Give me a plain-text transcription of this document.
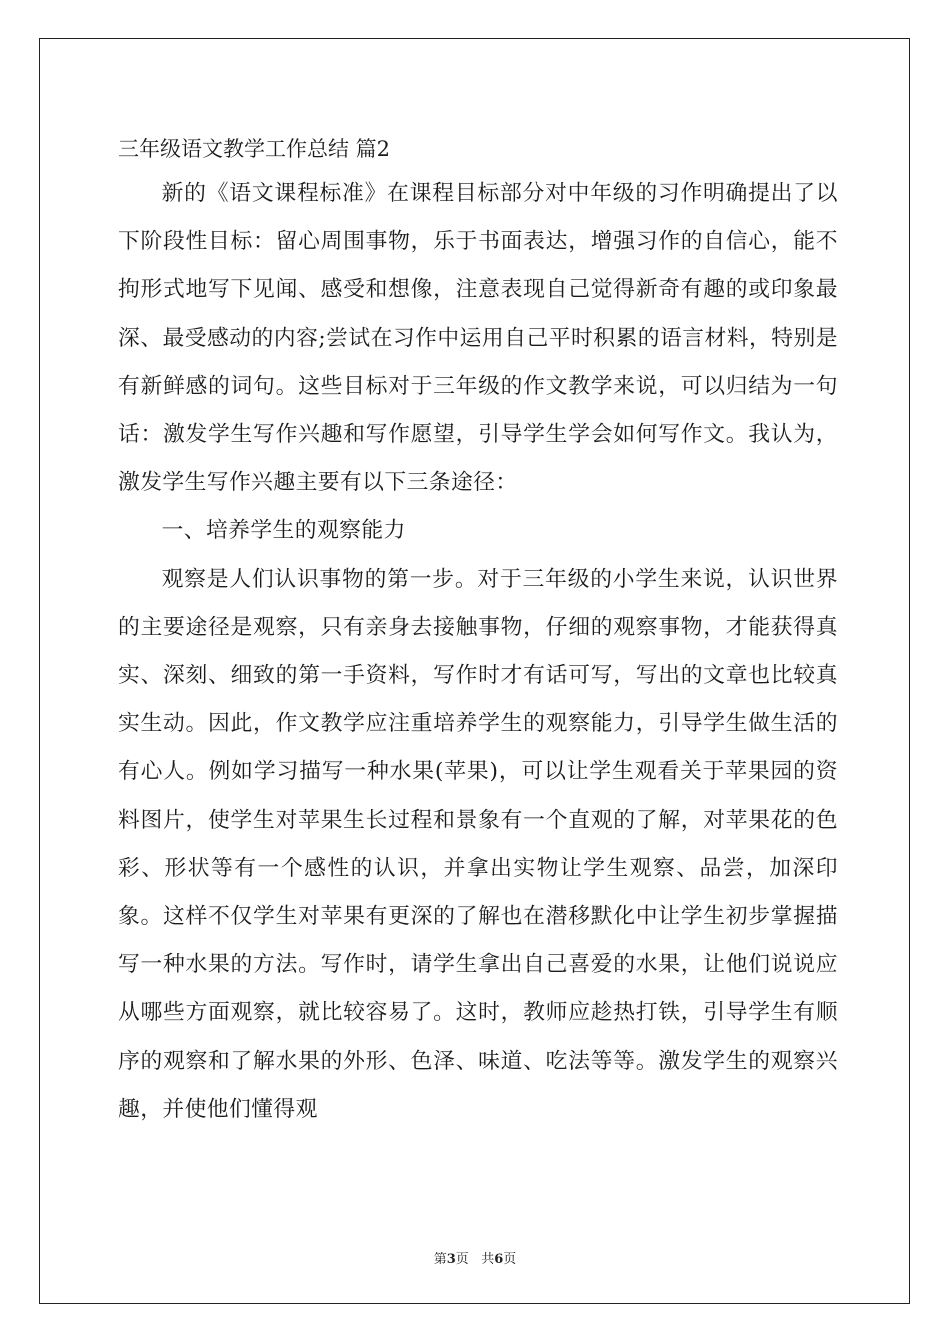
三年级语文教学工作总结 篇2

新的《语文课程标准》在课程目标部分对中年级的习作明确提出了以下阶段性目标：留心周围事物，乐于书面表达，增强习作的自信心，能不拘形式地写下见闻、感受和想像，注意表现自己觉得新奇有趣的或印象最深、最受感动的内容;尝试在习作中运用自己平时积累的语言材料，特别是有新鲜感的词句。这些目标对于三年级的作文教学来说，可以归结为一句话：激发学生写作兴趣和写作愿望，引导学生学会如何写作文。我认为，激发学生写作兴趣主要有以下三条途径：

一、培养学生的观察能力

观察是人们认识事物的第一步。对于三年级的小学生来说，认识世界的主要途径是观察，只有亲身去接触事物，仔细的观察事物，才能获得真实、深刻、细致的第一手资料，写作时才有话可写，写出的文章也比较真实生动。因此，作文教学应注重培养学生的观察能力，引导学生做生活的有心人。例如学习描写一种水果(苹果)，可以让学生观看关于苹果园的资料图片，使学生对苹果生长过程和景象有一个直观的了解，对苹果花的色彩、形状等有一个感性的认识，并拿出实物让学生观察、品尝，加深印象。这样不仅学生对苹果有更深的了解也在潜移默化中让学生初步掌握描写一种水果的方法。写作时，请学生拿出自己喜爱的水果，让他们说说应从哪些方面观察，就比较容易了。这时，教师应趁热打铁，引导学生有顺序的观察和了解水果的外形、色泽、味道、吃法等等。激发学生的观察兴趣，并使他们懂得观

第3页 共6页
